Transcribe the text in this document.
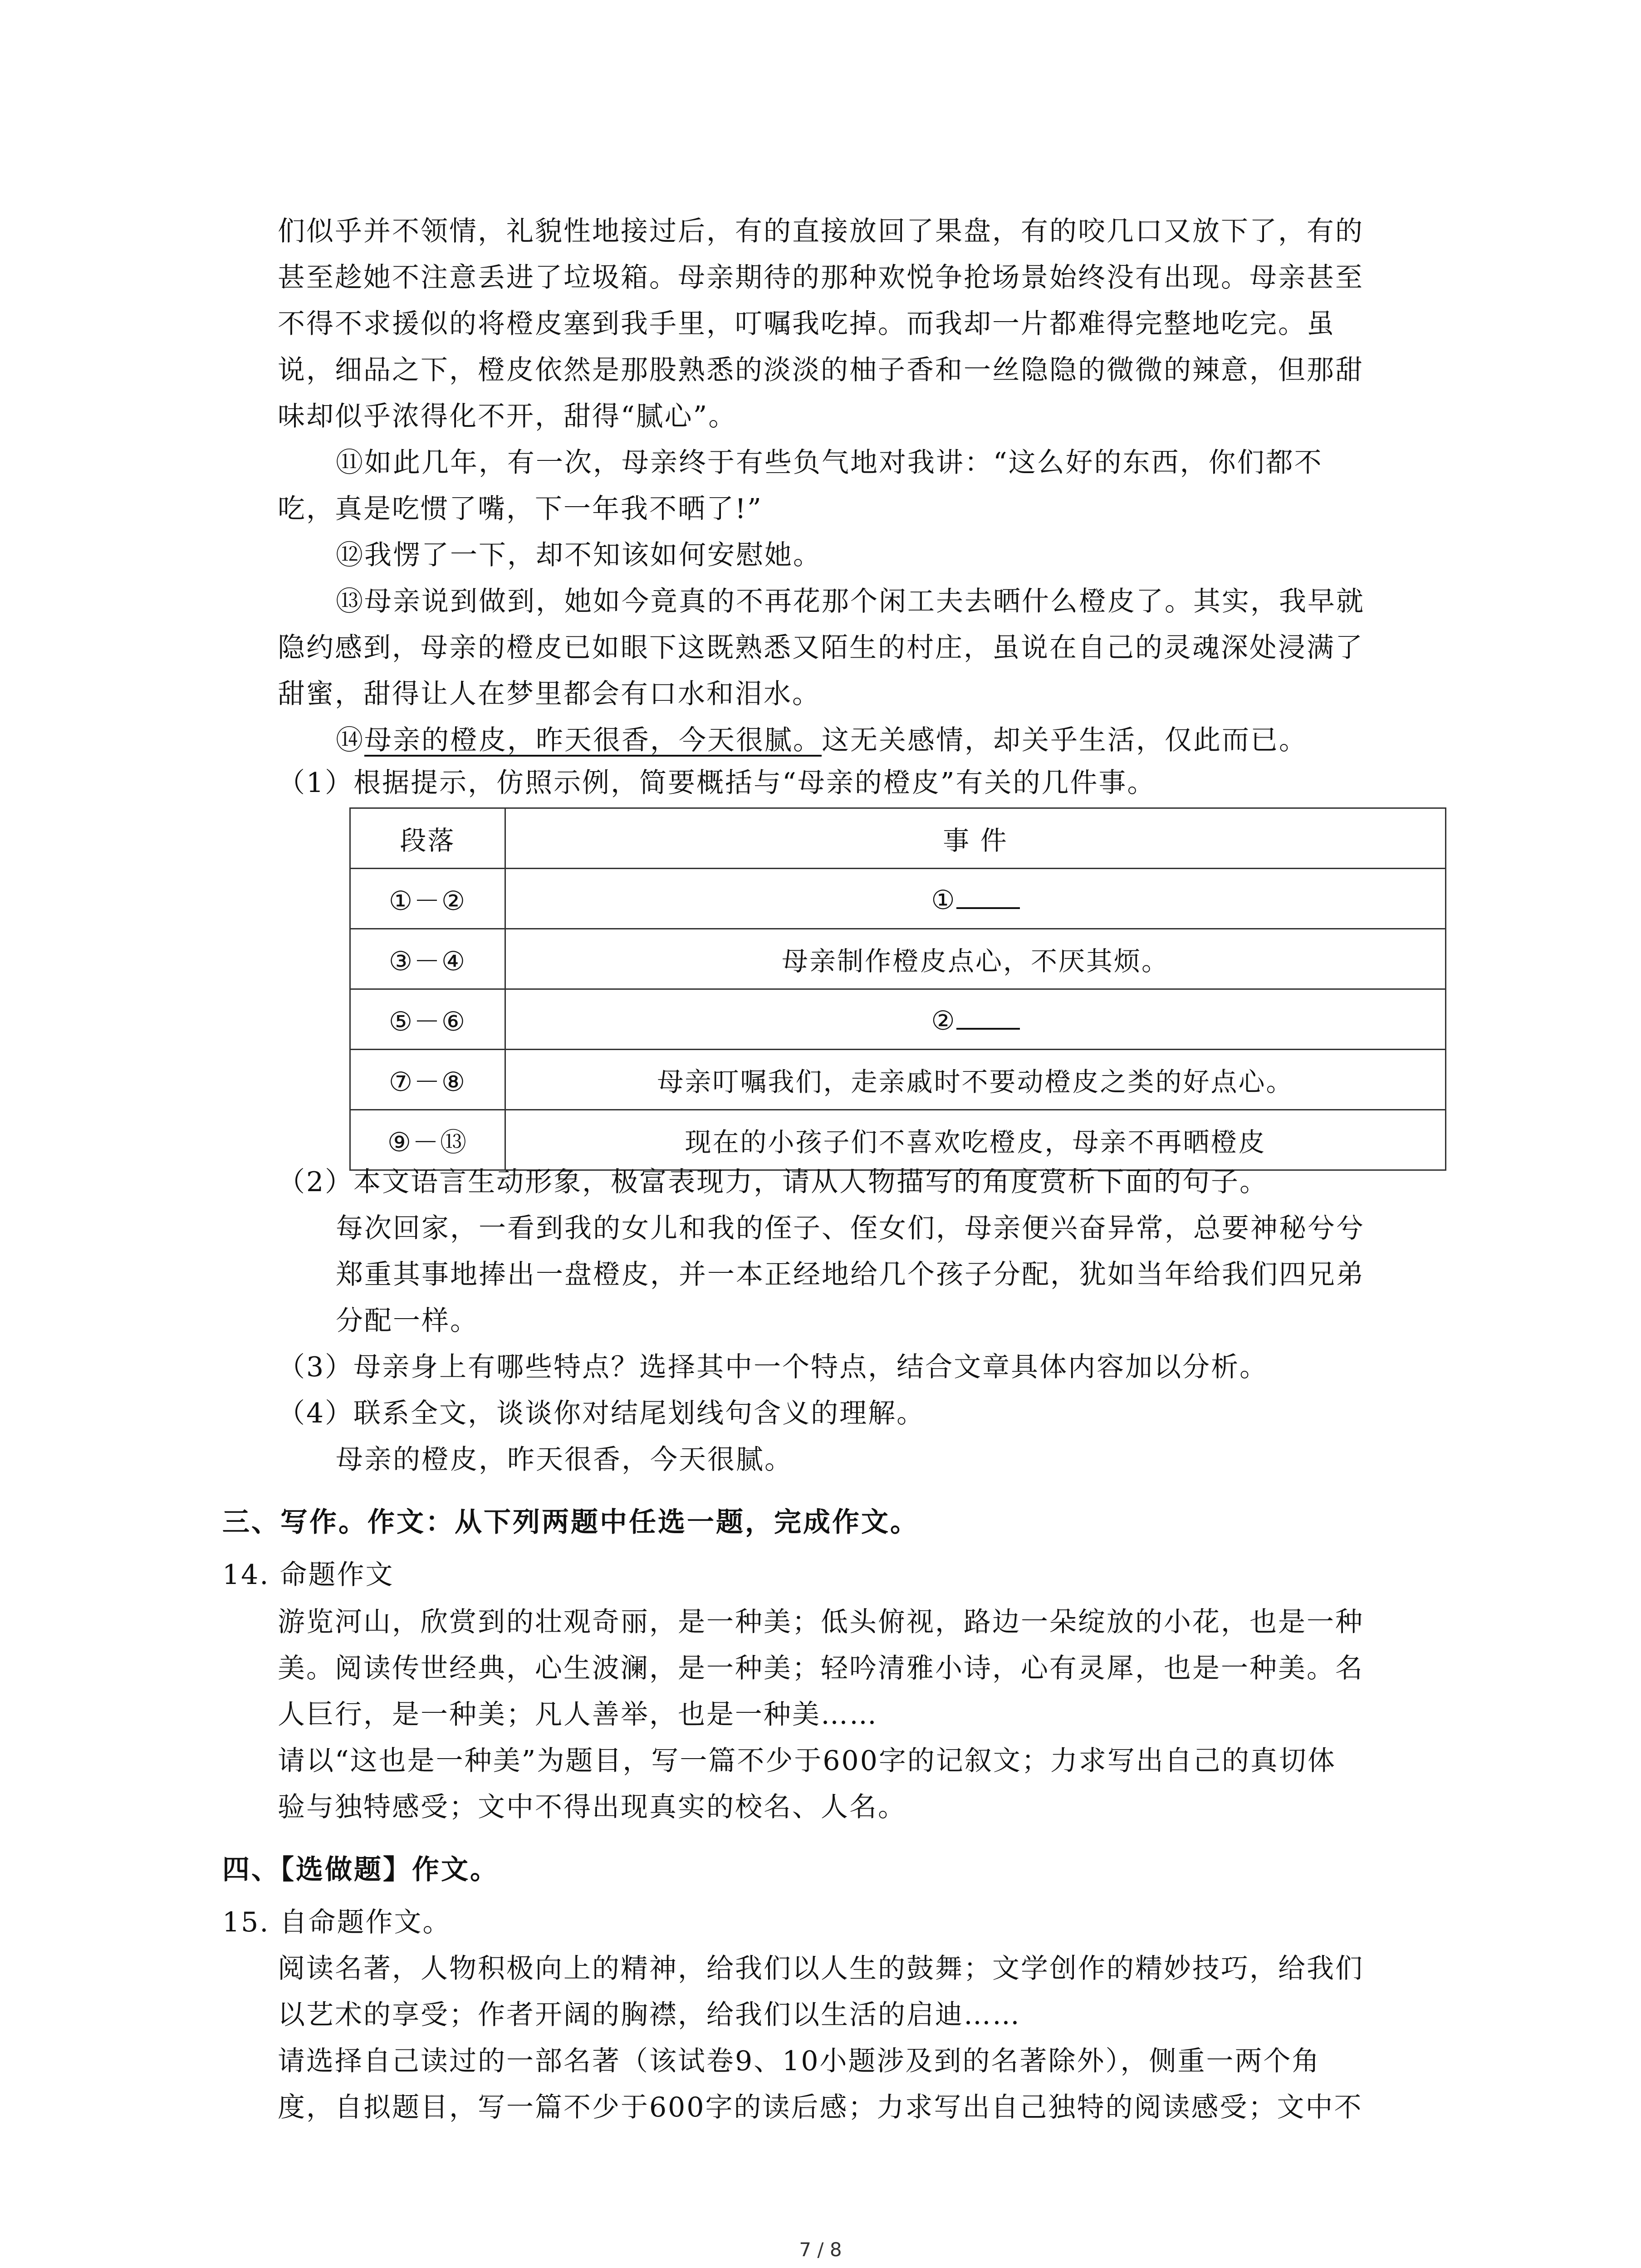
们似乎并不领情，礼貌性地接过后，有的直接放回了果盘，有的咬几口又放下了，有的

甚至趁她不注意丢进了垃圾箱。母亲期待的那种欢悦争抢场景始终没有出现。母亲甚至

不得不求援似的将橙皮塞到我手里，叮嘱我吃掉。而我却一片都难得完整地吃完。虽

说，细品之下，橙皮依然是那股熟悉的淡淡的柚子香和一丝隐隐的微微的辣意，但那甜

味却似乎浓得化不开，甜得“腻心”。

⑪如此几年，有一次，母亲终于有些负气地对我讲：“这么好的东西，你们都不

吃，真是吃惯了嘴，下一年我不晒了!”

⑫我愣了一下，却不知该如何安慰她。

⑬母亲说到做到，她如今竟真的不再花那个闲工夫去晒什么橙皮了。其实，我早就

隐约感到，母亲的橙皮已如眼下这既熟悉又陌生的村庄，虽说在自己的灵魂深处浸满了

甜蜜，甜得让人在梦里都会有口水和泪水。

⑭母亲的橙皮，昨天很香，今天很腻。这无关感情，却关乎生活，仅此而已。

（1）根据提示，仿照示例，简要概括与“母亲的橙皮”有关的几件事。

段落	事 件
①－②	①
③－④	母亲制作橙皮点心，不厌其烦。
⑤－⑥	②
⑦－⑧	母亲叮嘱我们，走亲戚时不要动橙皮之类的好点心。
⑨－⑬	现在的小孩子们不喜欢吃橙皮，母亲不再晒橙皮

（2）本文语言生动形象，极富表现力，请从人物描写的角度赏析下面的句子。

每次回家，一看到我的女儿和我的侄子、侄女们，母亲便兴奋异常，总要神秘兮兮

郑重其事地捧出一盘橙皮，并一本正经地给几个孩子分配，犹如当年给我们四兄弟

分配一样。

（3）母亲身上有哪些特点？选择其中一个特点，结合文章具体内容加以分析。

（4）联系全文，谈谈你对结尾划线句含义的理解。

母亲的橙皮，昨天很香，今天很腻。

三、写作。作文：从下列两题中任选一题，完成作文。

14. 命题作文

游览河山，欣赏到的壮观奇丽，是一种美；低头俯视，路边一朵绽放的小花，也是一种

美。阅读传世经典，心生波澜，是一种美；轻吟清雅小诗，心有灵犀，也是一种美。名

人巨行，是一种美；凡人善举，也是一种美……

请以“这也是一种美”为题目，写一篇不少于600字的记叙文；力求写出自己的真切体

验与独特感受；文中不得出现真实的校名、人名。

四、【选做题】作文。

15. 自命题作文。

阅读名著，人物积极向上的精神，给我们以人生的鼓舞；文学创作的精妙技巧，给我们

以艺术的享受；作者开阔的胸襟，给我们以生活的启迪……

请选择自己读过的一部名著（该试卷9、10小题涉及到的名著除外），侧重一两个角

度，自拟题目，写一篇不少于600字的读后感；力求写出自己独特的阅读感受；文中不

7 / 8
